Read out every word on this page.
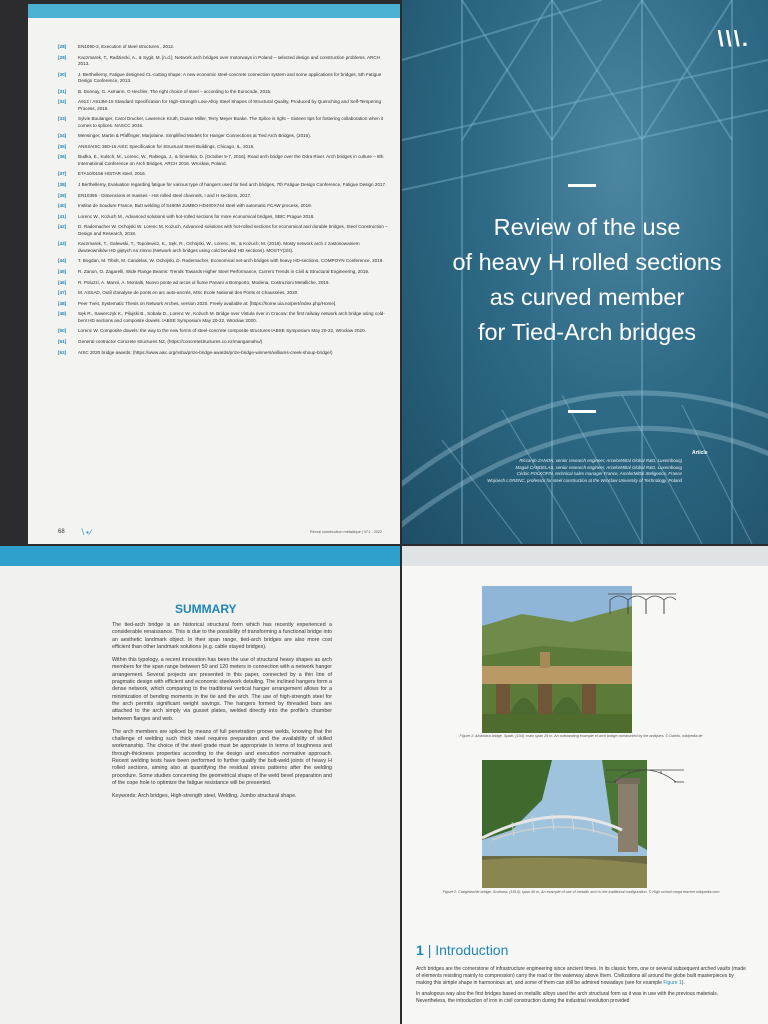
[28]	EN1090-2, Execution of steel structures , 2012.
[29]	Kaczmarek, T., Radziecki, A., & Sygit, M. [n.d.]. Network arch bridges over motorways in Poland – selected design and construction problems. ARCH 2013.
[30]	J. Berthellemy, Fatigue designed CL-cutting shape: A new economic steel-concrete connection system and some applications for bridges, 5th Fatigue Design Conference, 2013.
[31]	B. Donnay, G. Axmann, O Hechler, The right choice of steel – according to the Eurocode, 2015.
[32]	A913 / A913M-15 Standard Specification for High-Strength Low-Alloy Steel Shapes of Structural Quality, Produced by Quenching and Self-Tempering Process, 2015.
[33]	Sylvie Boulanger, Carol Drucker, Lawrence Kruth, Duane Miller, Terry Meyer Boake. The Splice is right – Sixteen tips for fostering collaboration when it comes to splices. NASCC 2016.
[34]	Mensinger, Martin & Pfaffinger, Marjolaine. Simplified Models for Hanger Connections at Tied Arch Bridges, (2016).
[35]	ANSI/AISC 360-16 AISC Specification for Structural Steel Buildings, Chicago, IL, 2016.
[36]	Budka, E., Kulsch, M., Lorenc, W., Rabiega, J., & Śmierkia, D. [October 5-7, 2016]. Road arch bridge over the Odra River. Arch bridges in culture – 8th International Conference on Arch Bridges, ARCH 2016. Wrocław, Poland.
[37]	ETA10/0156 HISTAR steel, 2016.
[38]	J Berthellemy, Evaluation regarding fatigue for various type of hangers used for tied arch bridges, 7th Fatigue Design Conference, Fatigue Design 2017.
[39]	EN10365 - Dimensions et masses - Hot rolled steel channels, I and H sections, 2017.
[40]	Institut de Soudure France, Butt welding of S460M JUMBO HD400X744 steel with automatic FCAW process, 2018.
[41]	Lorenc W., Kożuch M., Advanced solutions with hot-rolled sections for more economical bridges, SBIC Prague 2018.
[42]	D. Rademacher W. Ochojski W. Lorenc M. Kożuch, Advanced solutions with hot-rolled sections for economical and durable bridges, Steel Construction – Design and Research, 2018.
[43]	Kaczmarek, T., Galewski, T., Topolewicz, K., Sęk, R., Ochojski, W., Lorenc, W., & Kożuch, M. (2018). Mosty network arch z zastosowaniem dwuteowników HD giętych na zimno (Network arch bridges using cold bended HD sections). MOSTY(3/4).
[44]	T. Bogdan, M. Tibolt, M. Candelas, W. Ochojski, D. Rademacher, Economical net-arch bridges with heavy HD-sections, COMPOYN Conference, 2019.
[45]	R. Zanon, O. Zagarelli, Wide Flange Beams: Trends Towards Higher Steel Performance, Current Trends in Civil & Structural Engineering, 2019.
[46]	R. Poluzzi, A. Manni, A. Montalti, Nuovo ponte ad arcos ul fiume Panaro a Bomporto, Modena, Costruzioni Metalliche, 2019.
[47]	M. ASSAD, Outil d'analyse de ponts en arc auto-ancrés, MSc Ecole National des Ponts et Chaussées, 2020.
[48]	Peer Tveit, Systematic Thesis on Network Arches, version 2020. Freely available at: [https://home.uia.no/pert/index.php/Home].
[49]	Sęk R., Sawerczyk K., Pilujski B., Sobala D., Lorenc W., Kożuch M. Bridge over Vistula river in Cracow: the first railway network arch bridge using cold-bent HD sections and composite dowels. IABSE Symposium May 20-22, Wrocław 2020.
[50]	Lorenc W. Composite dowels: the way to the new forms of steel-concrete composite structures IABSE Symposium May 20-22, Wrocław 2020.
[51]	General contractor Concrete structures NZ, (https://concretestructures.co.nz/mangamahu/)
[52]	AISC 2020 bridge awards: (https://www.aisc.org/nsba/prize-bridge-awards/prize-bridge-winners/williams-creek-shoup-bridge/)
68 ∖•∕	Revue construction métallique | N°1 - 2022
\\\.
Review of the use
of heavy H rolled sections
as curved member
for Tied-Arch bridges
Article
Riccardo ZANON, senior research engineer, ArcelorMittal Global R&D, Luxembourg
Magali CANDELAS, senior research engineer, ArcelorMittal Global R&D, Luxembourg
Cédric POLKOFIN, technical sales manager France, ArcelorMittal Steligence, France
Wojciech LORENC, professor for steel construction at the Wroclaw University of Technology, Poland
SUMMARY

The tied-arch bridge is an historical structural form which has recently experienced a considerable renaissance. This is due to the possibility of transforming a functional bridge into an aesthetic landmark object. In their span range, tied-arch bridges are also more cost efficient than other landmark solutions (e.g. cable stayed bridges).

Within this typology, a recent innovation has been the use of structural heavy shapes as arch members for the span range between 50 and 120 meters in connection with a network hanger arrangement. Several projects are presented in this paper, connected by a thin line of pragmatic design with efficient and economic steelwork detailing. The inclined hangers form a dense network, which comparing to the traditional vertical hanger arrangement allows for a minimization of bending moments in the tie and the arch. The use of high-strength steel for the arch permits significant weight savings. The hangers formed by threaded bars are attached to the arch simply via gusset plates, welded directly into the profile's chamber between flanges and web.

The arch members are spliced by means of full penetration groove welds, knowing that the challenge of welding such thick steel requires preparation and the availability of skilled workmanship. The choice of the steel grade must be appropriate in terms of toughness and through-thickness properties according to the design and execution normative approach. Recent welding tests have been performed to further qualify the butt-weld joints of heavy H rolled sections, aiming also at quantifying the residual stress patterns after the welding procedure. Some studies concerning the geometrical shape of the weld bevel preparation and of the cope hole to optimize the fatigue resistance will be presented.

Keywords: Arch bridges, High-strength steel, Welding, Jumbo structural shape.

Figure 1: Alcántara bridge, Spain, (104): main span 29 m. An outstanding example of arch bridge constructed by the antiques. © Darkfu, wikipedia.de
Figure 2: Craigellachie bridge, Scotland, (1814): span 46 m. An example of use of metallic arch in the traditional configuration. © High school mega teacher wikipedia.com
1 | Introduction

Arch bridges are the cornerstone of infrastructure engineering since ancient times. In its classic form, one or several subsequent arched vaults (made of elements resisting mainly to compression) carry the road or the waterway above them. Civilizations all around the globe built masterpieces by making this simple shape in harmonious art, and some of them can still be admired nowadays (see for example Figure 1).

In analogous way also the first bridges based on metallic alloys used the arch structural form as it was in use with the previous materials. Nevertheless, the introduction of iron in civil construction during the industrial revolution provided
